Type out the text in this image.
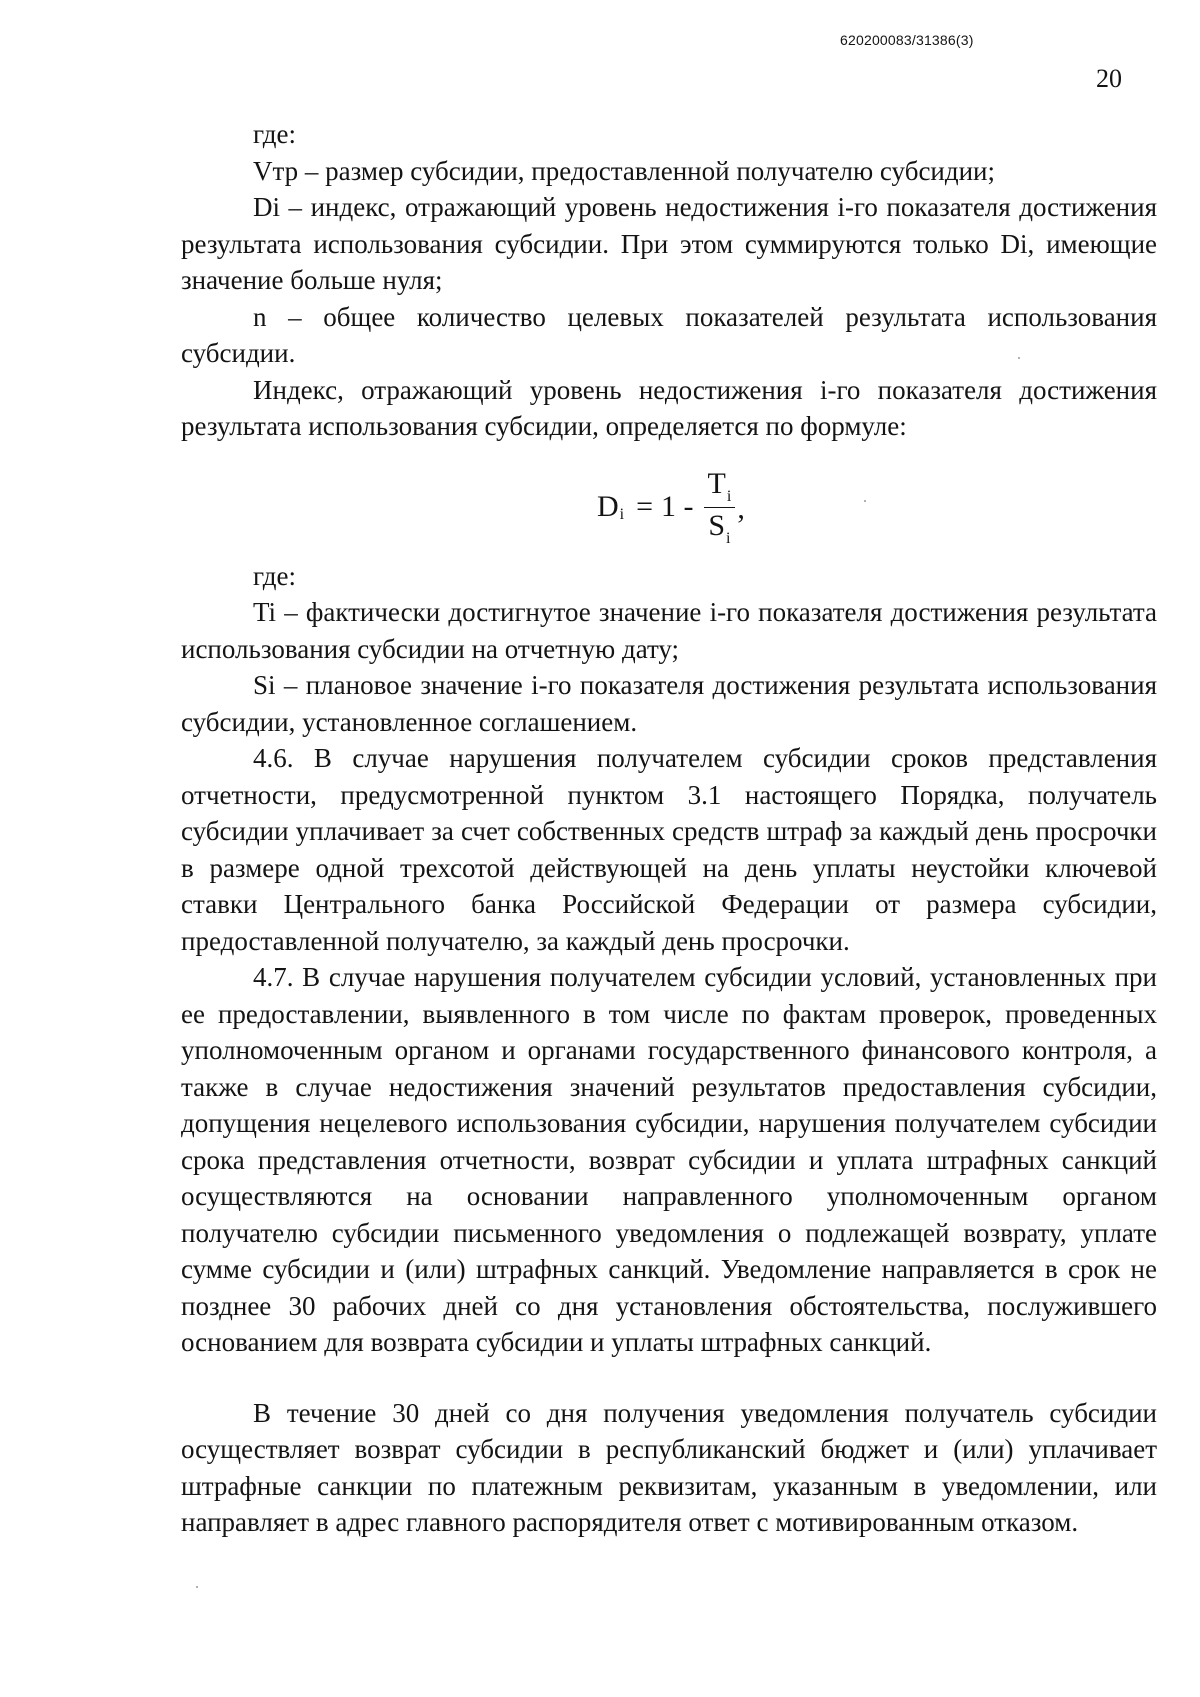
620200083/31386(3)
20

где:

Vтр – размер субсидии, предоставленной получателю субсидии;

Di – индекс, отражающий уровень недостижения i-го показателя достижения результата использования субсидии. При этом суммируются только Di, имеющие значение больше нуля;

n – общее количество целевых показателей результата использования субсидии.

Индекс, отражающий уровень недостижения i-го показателя достижения результата использования субсидии, определяется по формуле:

D $i = 1 - \frac{T_i}{S_i}$ ,

где:

Ti – фактически достигнутое значение i-го показателя достижения результата использования субсидии на отчетную дату;

Si – плановое значение i-го показателя достижения результата использования субсидии, установленное соглашением.

4.6. В случае нарушения получателем субсидии сроков представления отчетности, предусмотренной пунктом 3.1 настоящего Порядка, получатель субсидии уплачивает за счет собственных средств штраф за каждый день просрочки в размере одной трехсотой действующей на день уплаты неустойки ключевой ставки Центрального банка Российской Федерации от размера субсидии, предоставленной получателю, за каждый день просрочки.

4.7. В случае нарушения получателем субсидии условий, установленных при ее предоставлении, выявленного в том числе по фактам проверок, проведенных уполномоченным органом и органами государственного финансового контроля, а также в случае недостижения значений результатов предоставления субсидии, допущения нецелевого использования субсидии, нарушения получателем субсидии срока представления отчетности, возврат субсидии и уплата штрафных санкций осуществляются на основании направленного уполномоченным органом получателю субсидии письменного уведомления о подлежащей возврату, уплате сумме субсидии и (или) штрафных санкций. Уведомление направляется в срок не позднее 30 рабочих дней со дня установления обстоятельства, послужившего основанием для возврата субсидии и уплаты штрафных санкций.

В течение 30 дней со дня получения уведомления получатель субсидии осуществляет возврат субсидии в республиканский бюджет и (или) уплачивает штрафные санкции по платежным реквизитам, указанным в уведомлении, или направляет в адрес главного распорядителя ответ с мотивированным отказом.
